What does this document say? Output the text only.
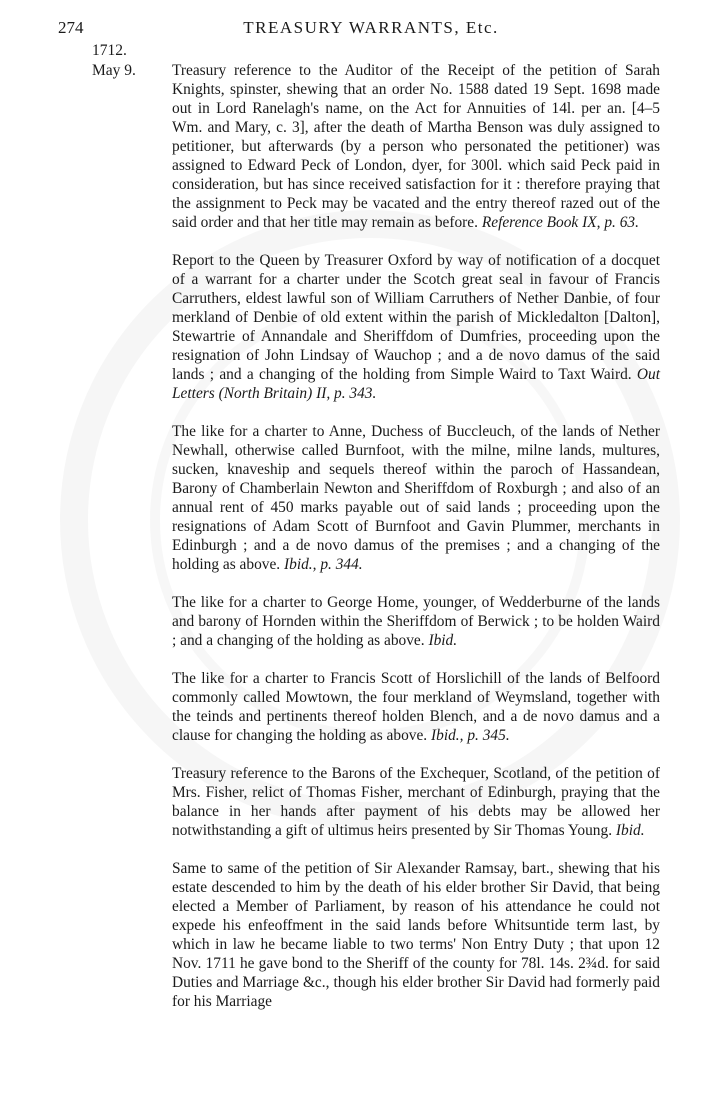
274	TREASURY WARRANTS, Etc.
1712.
May 9. Treasury reference to the Auditor of the Receipt of the petition of Sarah Knights, spinster, shewing that an order No. 1588 dated 19 Sept. 1698 made out in Lord Ranelagh's name, on the Act for Annuities of 14l. per an. [4–5 Wm. and Mary, c. 3], after the death of Martha Benson was duly assigned to petitioner, but afterwards (by a person who personated the petitioner) was assigned to Edward Peck of London, dyer, for 300l. which said Peck paid in consideration, but has since received satisfaction for it : therefore praying that the assignment to Peck may be vacated and the entry thereof razed out of the said order and that her title may remain as before. Reference Book IX, p. 63.

Report to the Queen by Treasurer Oxford by way of notification of a docquet of a warrant for a charter under the Scotch great seal in favour of Francis Carruthers, eldest lawful son of William Carruthers of Nether Danbie, of four merkland of Denbie of old extent within the parish of Mickledalton [Dalton], Stewartrie of Annandale and Sheriffdom of Dumfries, proceeding upon the resignation of John Lindsay of Wauchop ; and a de novo damus of the said lands ; and a changing of the holding from Simple Waird to Taxt Waird. Out Letters (North Britain) II, p. 343.

The like for a charter to Anne, Duchess of Buccleuch, of the lands of Nether Newhall, otherwise called Burnfoot, with the milne, milne lands, multures, sucken, knaveship and sequels thereof within the paroch of Hassandean, Barony of Chamberlain Newton and Sheriffdom of Roxburgh ; and also of an annual rent of 450 marks payable out of said lands ; proceeding upon the resignations of Adam Scott of Burnfoot and Gavin Plummer, merchants in Edinburgh ; and a de novo damus of the premises ; and a changing of the holding as above. Ibid., p. 344.

The like for a charter to George Home, younger, of Wedderburne of the lands and barony of Hornden within the Sheriffdom of Berwick ; to be holden Waird ; and a changing of the holding as above. Ibid.

The like for a charter to Francis Scott of Horslichill of the lands of Belfoord commonly called Mowtown, the four merkland of Weymsland, together with the teinds and pertinents thereof holden Blench, and a de novo damus and a clause for changing the holding as above. Ibid., p. 345.

Treasury reference to the Barons of the Exchequer, Scotland, of the petition of Mrs. Fisher, relict of Thomas Fisher, merchant of Edinburgh, praying that the balance in her hands after payment of his debts may be allowed her notwithstanding a gift of ultimus heirs presented by Sir Thomas Young. Ibid.

Same to same of the petition of Sir Alexander Ramsay, bart., shewing that his estate descended to him by the death of his elder brother Sir David, that being elected a Member of Parliament, by reason of his attendance he could not expede his enfeoffment in the said lands before Whitsuntide term last, by which in law he became liable to two terms' Non Entry Duty ; that upon 12 Nov. 1711 he gave bond to the Sheriff of the county for 78l. 14s. 2¾d. for said Duties and Marriage &c., though his elder brother Sir David had formerly paid for his Marriage
